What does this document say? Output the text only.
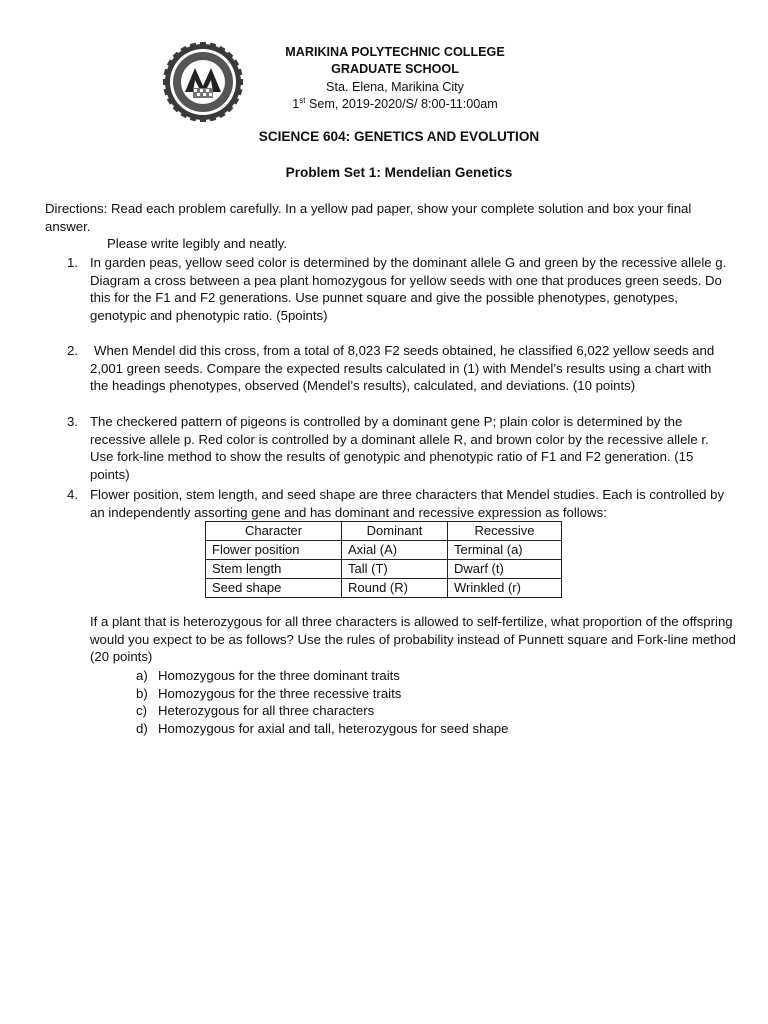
MARIKINA POLYTECHNIC COLLEGE
GRADUATE SCHOOL
Sta. Elena, Marikina City
1st Sem, 2019-2020/S/ 8:00-11:00am
SCIENCE 604: GENETICS AND EVOLUTION
Problem Set 1: Mendelian Genetics
Directions: Read each problem carefully. In a yellow pad paper, show your complete solution and box your final answer.
Please write legibly and neatly.
1. In garden peas, yellow seed color is determined by the dominant allele G and green by the recessive allele g. Diagram a cross between a pea plant homozygous for yellow seeds with one that produces green seeds. Do this for the F1 and F2 generations. Use punnet square and give the possible phenotypes, genotypes, genotypic and phenotypic ratio. (5points)
2.	When Mendel did this cross, from a total of 8,023 F2 seeds obtained, he classified 6,022 yellow seeds and 2,001 green seeds. Compare the expected results calculated in (1) with Mendel’s results using a chart with the headings phenotypes, observed (Mendel’s results), calculated, and deviations. (10 points)
3. The checkered pattern of pigeons is controlled by a dominant gene P; plain color is determined by the recessive allele p. Red color is controlled by a dominant allele R, and brown color by the recessive allele r. Use fork-line method to show the results of genotypic and phenotypic ratio of F1 and F2 generation. (15 points)
4. Flower position, stem length, and seed shape are three characters that Mendel studies. Each is controlled by an independently assorting gene and has dominant and recessive expression as follows:
Character	Dominant	Recessive
Flower position	Axial (A)	Terminal (a)
Stem length	Tall (T)	Dwarf (t)
Seed shape	Round (R)	Wrinkled (r)
If a plant that is heterozygous for all three characters is allowed to self-fertilize, what proportion of the offspring would you expect to be as follows? Use the rules of probability instead of Punnett square and Fork-line method (20 points)
a) Homozygous for the three dominant traits
b) Homozygous for the three recessive traits
c) Heterozygous for all three characters
d) Homozygous for axial and tall, heterozygous for seed shape
